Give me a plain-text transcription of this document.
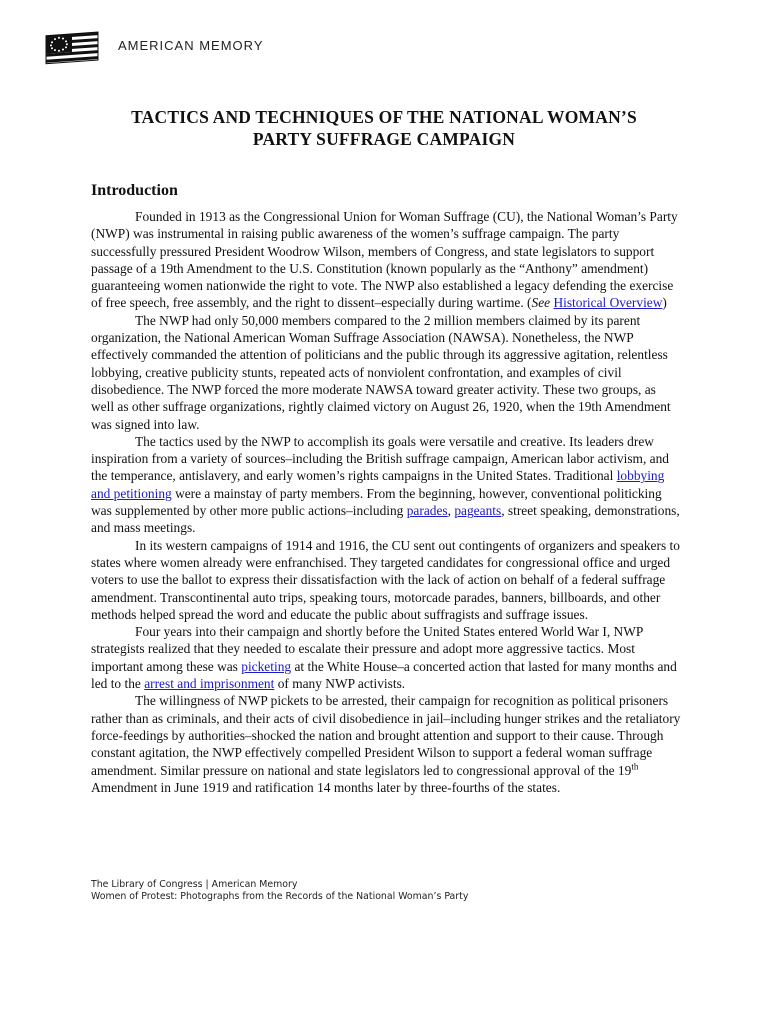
AMERICAN MEMORY
TACTICS AND TECHNIQUES OF THE NATIONAL WOMAN’S
PARTY SUFFRAGE CAMPAIGN
Introduction

Founded in 1913 as the Congressional Union for Woman Suffrage (CU), the National Woman’s Party (NWP) was instrumental in raising public awareness of the women’s suffrage campaign. The party successfully pressured President Woodrow Wilson, members of Congress, and state legislators to support passage of a 19th Amendment to the U.S. Constitution (known popularly as the “Anthony” amendment) guaranteeing women nationwide the right to vote. The NWP also established a legacy defending the exercise of free speech, free assembly, and the right to dissent–especially during wartime. (See Historical Overview)

The NWP had only 50,000 members compared to the 2 million members claimed by its parent organization, the National American Woman Suffrage Association (NAWSA). Nonetheless, the NWP effectively commanded the attention of politicians and the public through its aggressive agitation, relentless lobbying, creative publicity stunts, repeated acts of nonviolent confrontation, and examples of civil disobedience. The NWP forced the more moderate NAWSA toward greater activity. These two groups, as well as other suffrage organizations, rightly claimed victory on August 26, 1920, when the 19th Amendment was signed into law.

The tactics used by the NWP to accomplish its goals were versatile and creative. Its leaders drew inspiration from a variety of sources–including the British suffrage campaign, American labor activism, and the temperance, antislavery, and early women’s rights campaigns in the United States. Traditional lobbying and petitioning were a mainstay of party members. From the beginning, however, conventional politicking was supplemented by other more public actions–including parades, pageants, street speaking, demonstrations, and mass meetings.

In its western campaigns of 1914 and 1916, the CU sent out contingents of organizers and speakers to states where women already were enfranchised. They targeted candidates for congressional office and urged voters to use the ballot to express their dissatisfaction with the lack of action on behalf of a federal suffrage amendment. Transcontinental auto trips, speaking tours, motorcade parades, banners, billboards, and other methods helped spread the word and educate the public about suffragists and suffrage issues.

Four years into their campaign and shortly before the United States entered World War I, NWP strategists realized that they needed to escalate their pressure and adopt more aggressive tactics. Most important among these was picketing at the White House–a concerted action that lasted for many months and led to the arrest and imprisonment of many NWP activists.

The willingness of NWP pickets to be arrested, their campaign for recognition as political prisoners rather than as criminals, and their acts of civil disobedience in jail–including hunger strikes and the retaliatory force-feedings by authorities–shocked the nation and brought attention and support to their cause. Through constant agitation, the NWP effectively compelled President Wilson to support a federal woman suffrage amendment. Similar pressure on national and state legislators led to congressional approval of the 19th Amendment in June 1919 and ratification 14 months later by three-fourths of the states.

The Library of Congress | American Memory
Women of Protest: Photographs from the Records of the National Woman’s Party
